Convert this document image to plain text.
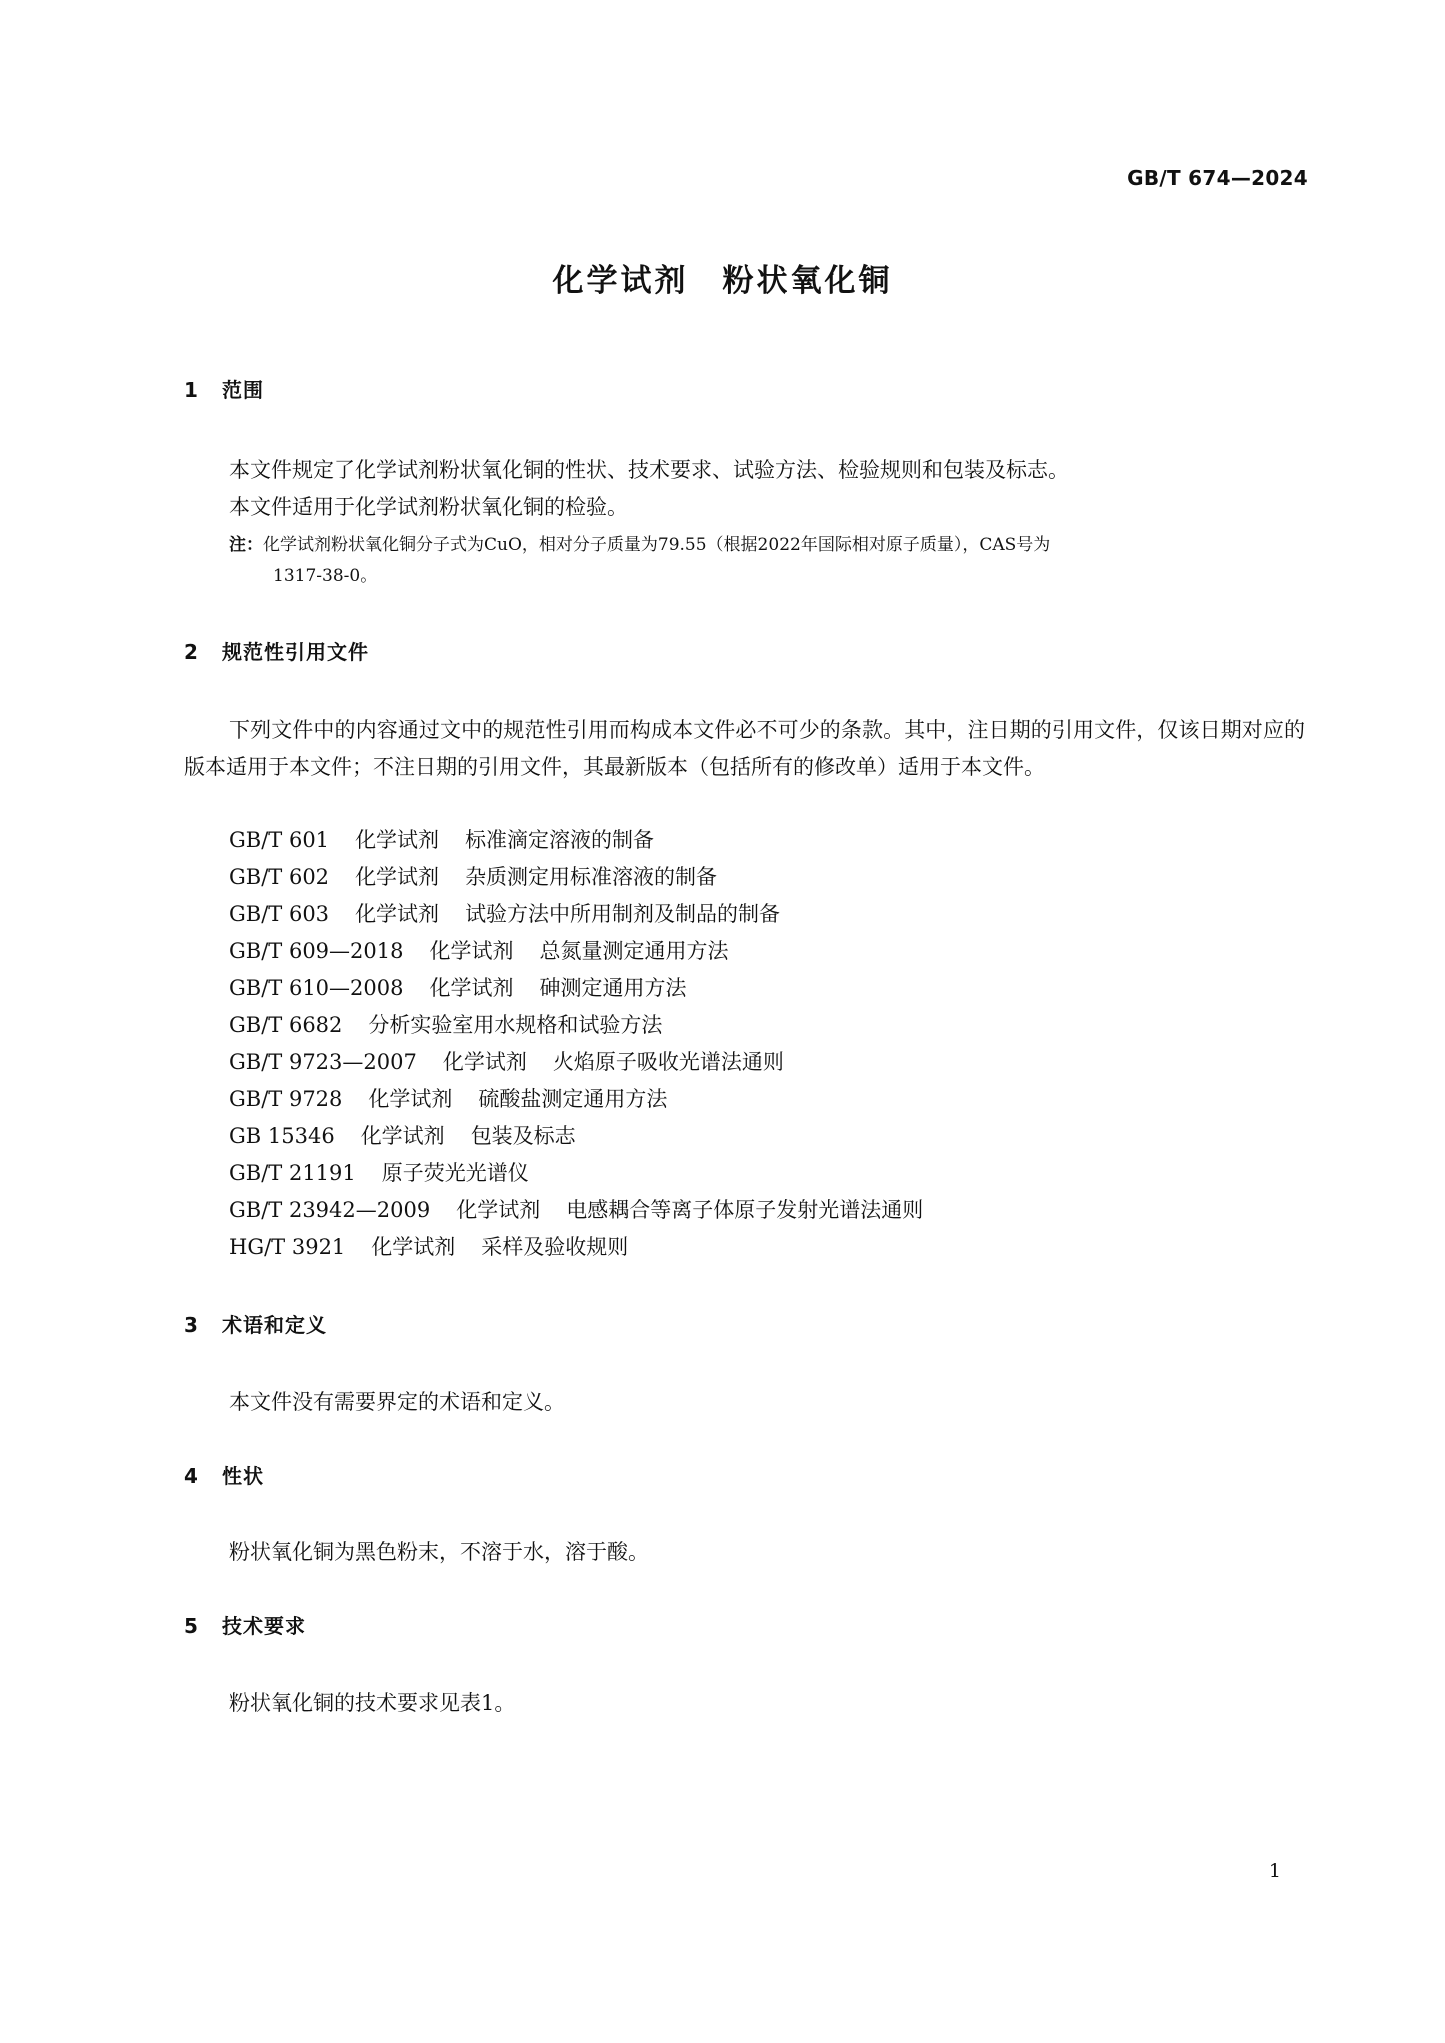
GB/T 674—2024
化学试剂　粉状氧化铜
1 范围
本文件规定了化学试剂粉状氧化铜的性状、技术要求、试验方法、检验规则和包装及标志。
本文件适用于化学试剂粉状氧化铜的检验。
注：化学试剂粉状氧化铜分子式为CuO，相对分子质量为79.55（根据2022年国际相对原子质量），CAS号为
1317-38-0。
2 规范性引用文件
下列文件中的内容通过文中的规范性引用而构成本文件必不可少的条款。其中，注日期的引用文件，仅该日期对应的版本适用于本文件；不注日期的引用文件，其最新版本（包括所有的修改单）适用于本文件。
GB/T 601 化学试剂 标准滴定溶液的制备
GB/T 602 化学试剂 杂质测定用标准溶液的制备
GB/T 603 化学试剂 试验方法中所用制剂及制品的制备
GB/T 609—2018 化学试剂 总氮量测定通用方法
GB/T 610—2008 化学试剂 砷测定通用方法
GB/T 6682 分析实验室用水规格和试验方法
GB/T 9723—2007 化学试剂 火焰原子吸收光谱法通则
GB/T 9728 化学试剂 硫酸盐测定通用方法
GB 15346 化学试剂 包装及标志
GB/T 21191 原子荧光光谱仪
GB/T 23942—2009 化学试剂 电感耦合等离子体原子发射光谱法通则
HG/T 3921 化学试剂 采样及验收规则
3 术语和定义
本文件没有需要界定的术语和定义。
4 性状
粉状氧化铜为黑色粉末，不溶于水，溶于酸。
5 技术要求
粉状氧化铜的技术要求见表1。
1
